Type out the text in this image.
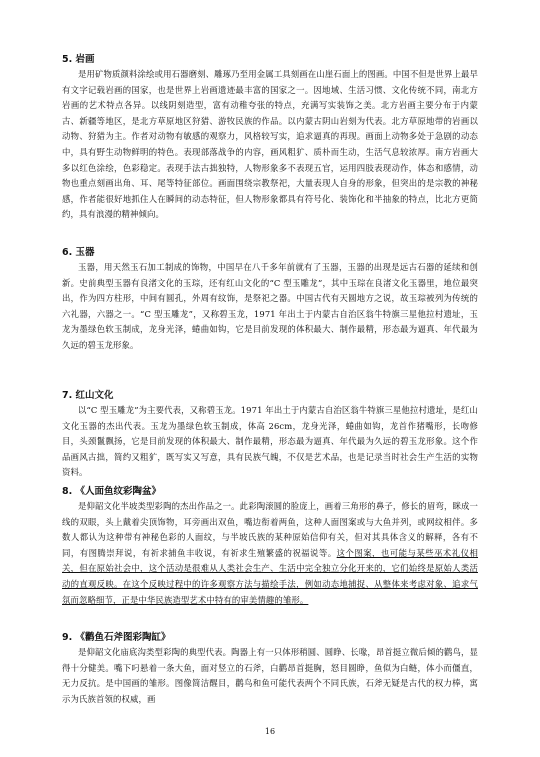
5. 岩画

是用矿物质颜料涂绘或用石器磨刻、雕琢乃至用金属工具刻画在山崖石面上的图画。中国不但是世界上最早有文字记载岩画的国家，也是世界上岩画遗迹最丰富的国家之一。因地域、生活习惯、文化传统不同，南北方岩画的艺术特点各异。以线阴刻造型，富有动稚夸张的特点，充满写实装饰之美。北方岩画主要分布于内蒙古、新疆等地区，是北方草原地区狩猎、游牧民族的作品。以内蒙古阴山岩刻为代表。北方草原地带的岩画以动物、狩猎为主。作者对动物有敏感的观察力，风格较写实，追求逼真的再现。画面上动物多处于急剧的动态中，具有野生动物鲜明的特色。表现部落战争的内容，画风粗犷、质朴而生动，生活气息较浓厚。南方岩画大多以红色涂绘，色彩稳定。表现手法古拙独特，人物形象多不表现五官，运用四肢表现动作，体态和感情，动物也重点刻画出角、耳、尾等特征部位。画面围绕宗教祭祀，大量表现人自身的形象，但突出的是宗教的神秘感，作者能很好地抓住人在瞬间的动态特征，但人物形象都具有符号化、装饰化和半抽象的特点，比北方更简约，具有浪漫的精神倾向。

6. 玉器

玉器，用天然玉石加工制成的饰物，中国早在八千多年前就有了玉器，玉器的出现是远古石器的延续和创新。史前典型玉器有良渚文化的玉琮，还有红山文化的“C 型玉雕龙”，其中玉琮在良渚文化玉器里，地位最突出，作为四方柱形，中间有圆孔，外周有纹饰，是祭祀之器。中国古代有天圆地方之说，故玉琮被列为传统的六礼器，六器之一。“C 型玉雕龙”，又称碧玉龙，1971 年出土于内蒙古自治区翁牛特旗三星他拉村遗址，玉龙为墨绿色软玉制成，龙身光泽，蜷曲如钩，它是目前发现的体积最大、制作最精，形态最为逼真、年代最为久远的碧玉龙形象。

7. 红山文化

以“C 型玉雕龙”为主要代表，又称碧玉龙。1971 年出土于内蒙古自治区翁牛特旗三星他拉村遗址，是红山文化玉器的杰出代表。玉龙为墨绿色软玉制成，体高 26cm，龙身光泽，蜷曲如钩，龙首作猪嘴形，长吻修目，头颈鬣飘扬，它是目前发现的体积最大、制作最精，形态最为逼真、年代最为久远的碧玉龙形象。这个作品画风古拙，简约又粗犷，既写实又写意，具有民族气魄，不仅是艺术品，也是记录当时社会生产生活的实物资料。

8. 《人面鱼纹彩陶盆》

是仰韶文化半坡类型彩陶的杰出作品之一。此彩陶滚圆的脸庞上，画着三角形的鼻子，修长的眉弯，眯成一线的双眼，头上戴着尖顶饰物，耳旁画出双鱼，嘴边衔着两鱼，这种人面图案或与大鱼并列，或网纹相伴。多数人都认为这种带有神秘色彩的人面纹，与半坡氏族的某种原始信仰有关，但对其具体含义的解释，各有不同，有图腾崇拜说，有祈求捕鱼丰收说，有祈求生殖繁盛的祝福说等。这个图案，也可能与某些巫术礼仪相关，但在原始社会中，这个活动是很难从人类社会生产、生活中完全独立分化开来的，它们始终是原始人类活动的直观反映。在这个反映过程中的许多观察方法与描绘手法，例如动态地捕捉、从整体来考虑对象、追求气氛而忽略细节，正是中华民族造型艺术中特有的审美情趣的雏形。

9. 《鹳鱼石斧图彩陶缸》

是仰韶文化庙底沟类型彩陶的典型代表。陶器上有一只体形稍圆、圆睁、长喙，昂首挺立微后倾的鹳鸟，显得十分健美。嘴下叼悬着一条大鱼，面对竖立的石斧，白鹳昂首挺胸，怒目圆睁，鱼似为白鲢，体小而僵直，无力反抗。是中国画的雏形。图像简洁醒目，鹳鸟和鱼可能代表两个不同氏族，石斧无疑是古代的权力棒，寓示为氏族首领的权威，画

16
